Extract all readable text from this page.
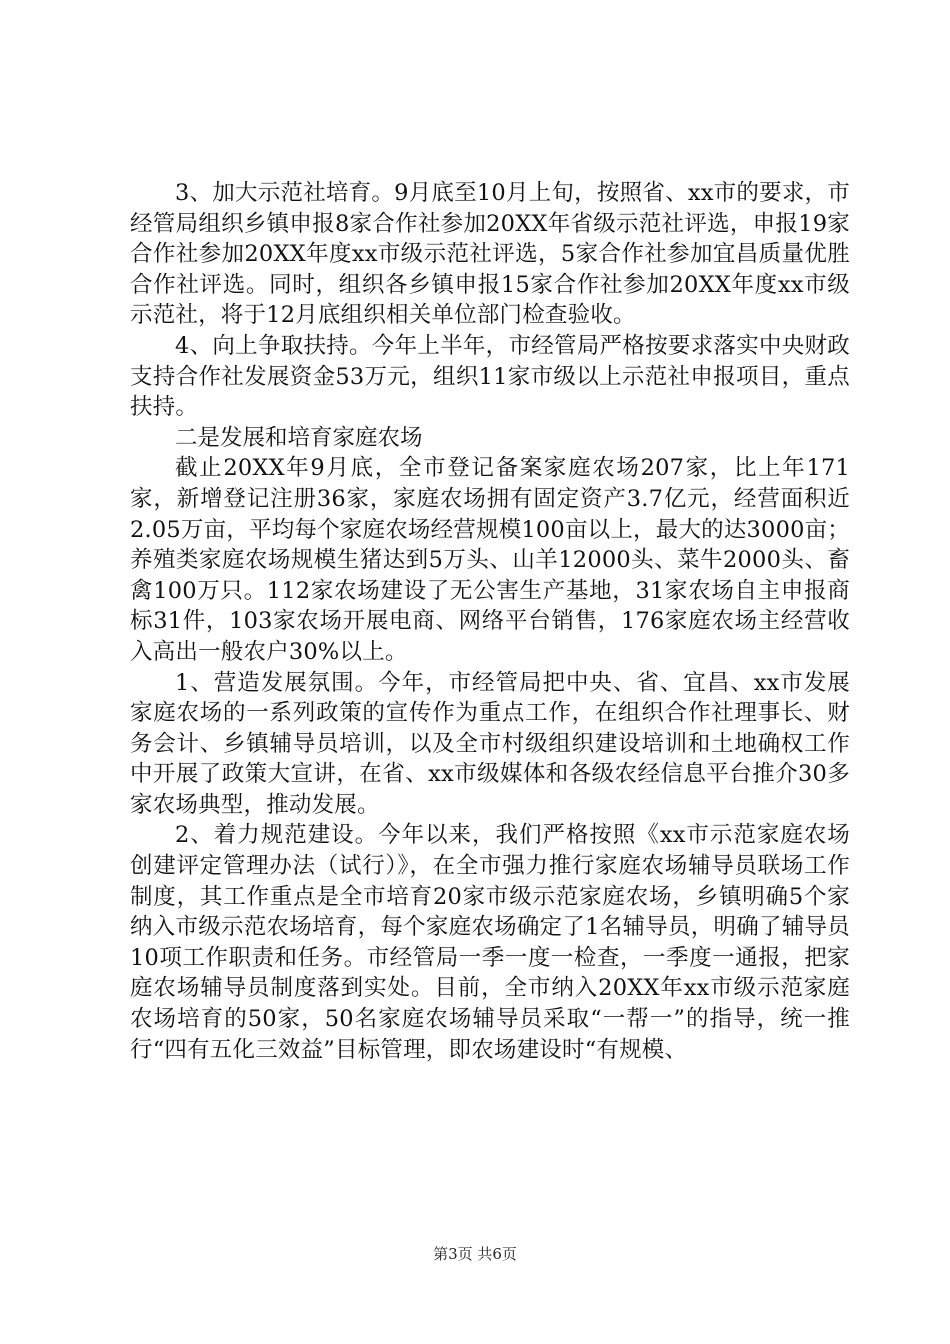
3、加大示范社培育。9月底至10月上旬，按照省、xx市的要求，市经管局组织乡镇申报8家合作社参加20XX年省级示范社评选，申报19家合作社参加20XX年度xx市级示范社评选，5家合作社参加宜昌质量优胜合作社评选。同时，组织各乡镇申报15家合作社参加20XX年度xx市级示范社，将于12月底组织相关单位部门检查验收。

4、向上争取扶持。今年上半年，市经管局严格按要求落实中央财政支持合作社发展资金53万元，组织11家市级以上示范社申报项目，重点扶持。

二是发展和培育家庭农场

截止20XX年9月底，全市登记备案家庭农场207家，比上年171家，新增登记注册36家，家庭农场拥有固定资产3.7亿元，经营面积近2.05万亩，平均每个家庭农场经营规模100亩以上，最大的达3000亩；养殖类家庭农场规模生猪达到5万头、山羊12000头、菜牛2000头、畜禽100万只。112家农场建设了无公害生产基地，31家农场自主申报商标31件，103家农场开展电商、网络平台销售，176家庭农场主经营收入高出一般农户30%以上。

1、营造发展氛围。今年，市经管局把中央、省、宜昌、xx市发展家庭农场的一系列政策的宣传作为重点工作，在组织合作社理事长、财务会计、乡镇辅导员培训，以及全市村级组织建设培训和土地确权工作中开展了政策大宣讲，在省、xx市级媒体和各级农经信息平台推介30多家农场典型，推动发展。

2、着力规范建设。今年以来，我们严格按照《xx市示范家庭农场创建评定管理办法（试行）》，在全市强力推行家庭农场辅导员联场工作制度，其工作重点是全市培育20家市级示范家庭农场，乡镇明确5个家纳入市级示范农场培育，每个家庭农场确定了1名辅导员，明确了辅导员10项工作职责和任务。市经管局一季一度一检查，一季度一通报，把家庭农场辅导员制度落到实处。目前，全市纳入20XX年xx市级示范家庭农场培育的50家，50名家庭农场辅导员采取“一帮一”的指导，统一推行“四有五化三效益”目标管理，即农场建设时“有规模、

第3页 共6页
